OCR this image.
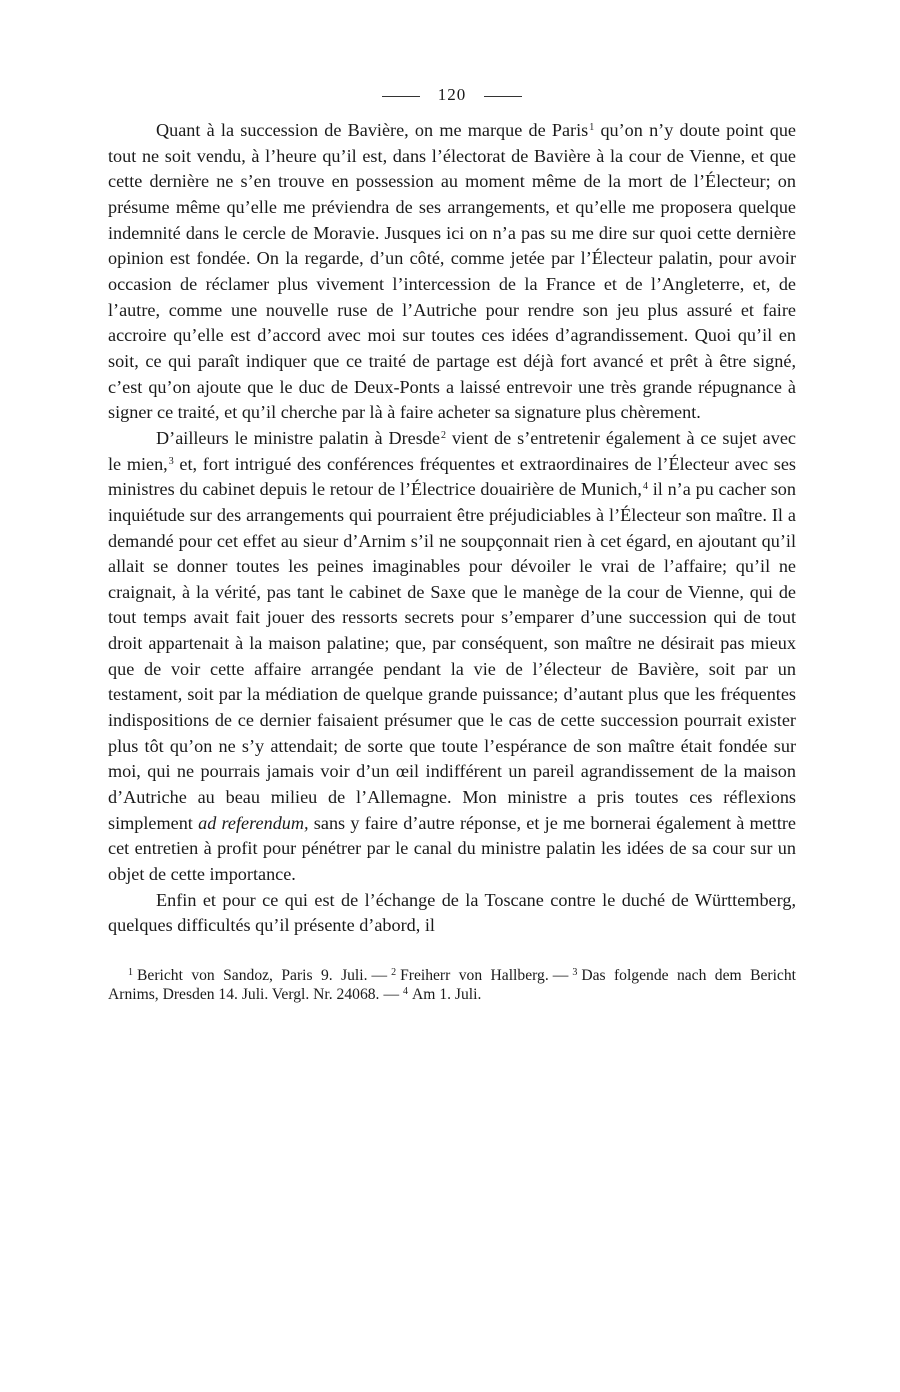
120

Quant à la succession de Bavière, on me marque de Paris$^1$ qu’on n’y doute point que tout ne soit vendu, à l’heure qu’il est, dans l’électorat de Bavière à la cour de Vienne, et que cette dernière ne s’en trouve en possession au moment même de la mort de l’Électeur; on présume même qu’elle me préviendra de ses arrangements, et qu’elle me proposera quelque indemnité dans le cercle de Moravie. Jusques ici on n’a pas su me dire sur quoi cette dernière opinion est fondée. On la regarde, d’un côté, comme jetée par l’Électeur palatin, pour avoir occasion de réclamer plus vivement l’intercession de la France et de l’Angleterre, et, de l’autre, comme une nouvelle ruse de l’Autriche pour rendre son jeu plus assuré et faire accroire qu’elle est d’accord avec moi sur toutes ces idées d’agrandissement. Quoi qu’il en soit, ce qui paraît indiquer que ce traité de partage est déjà fort avancé et prêt à être signé, c’est qu’on ajoute que le duc de Deux-Ponts a laissé entrevoir une très grande répugnance à signer ce traité, et qu’il cherche par là à faire acheter sa signature plus chèrement.

D’ailleurs le ministre palatin à Dresde$^2$ vient de s’entretenir également à ce sujet avec le mien,$^3$ et, fort intrigué des conférences fréquentes et extraordinaires de l’Électeur avec ses ministres du cabinet depuis le retour de l’Électrice douairière de Munich,$^4$ il n’a pu cacher son inquiétude sur des arrangements qui pourraient être préjudiciables à l’Électeur son maître. Il a demandé pour cet effet au sieur d’Arnim s’il ne soupçonnait rien à cet égard, en ajoutant qu’il allait se donner toutes les peines imaginables pour dévoiler le vrai de l’affaire; qu’il ne craignait, à la vérité, pas tant le cabinet de Saxe que le manège de la cour de Vienne, qui de tout temps avait fait jouer des ressorts secrets pour s’emparer d’une succession qui de tout droit appartenait à la maison palatine; que, par conséquent, son maître ne désirait pas mieux que de voir cette affaire arrangée pendant la vie de l’électeur de Bavière, soit par un testament, soit par la médiation de quelque grande puissance; d’autant plus que les fréquentes indispositions de ce dernier faisaient présumer que le cas de cette succession pourrait exister plus tôt qu’on ne s’y attendait; de sorte que toute l’espérance de son maître était fondée sur moi, qui ne pourrais jamais voir d’un œil indifférent un pareil agrandissement de la maison d’Autriche au beau milieu de l’Allemagne. Mon ministre a pris toutes ces réflexions simplement ad referendum, sans y faire d’autre réponse, et je me bornerai également à mettre cet entretien à profit pour pénétrer par le canal du ministre palatin les idées de sa cour sur un objet de cette importance.

Enfin et pour ce qui est de l’échange de la Toscane contre le duché de Württemberg, quelques difficultés qu’il présente d’abord, il

$^1$ Bericht von Sandoz, Paris 9. Juli. — $^2$ Freiherr von Hallberg. — $^3$ Das folgende nach dem Bericht Arnims, Dresden 14. Juli. Vergl. Nr. 24068. — $^4$ Am 1. Juli.
